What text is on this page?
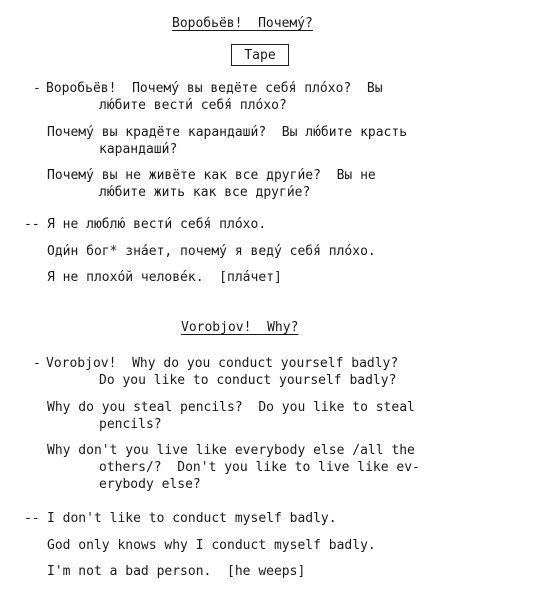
Воробьёв!  Почему́?
Tape
- Воробьёв!  Почему́ вы ведёте себя́ пло́хо?  Вы
лю́бите вести́ себя́ пло́хо?
Почему́ вы крадёте карандаши́?  Вы лю́бите красть
карандаши́?
Почему́ вы не живёте как все други́е?  Вы не
лю́бите жить как все други́е?
-- Я не люблю́ вести́ себя́ пло́хо.
Оди́н бог* зна́ет, почему́ я веду́ себя́ пло́хо.
Я не плохо́й челове́к.  [пла́чет]
Vorobjov!  Why?
- Vorobjov!  Why do you conduct yourself badly?
Do you like to conduct yourself badly?
Why do you steal pencils?  Do you like to steal
pencils?
Why don't you live like everybody else /all the
others/?  Don't you like to live like ev-
erybody else?
-- I don't like to conduct myself badly.
God only knows why I conduct myself badly.
I'm not a bad person.  [he weeps]
